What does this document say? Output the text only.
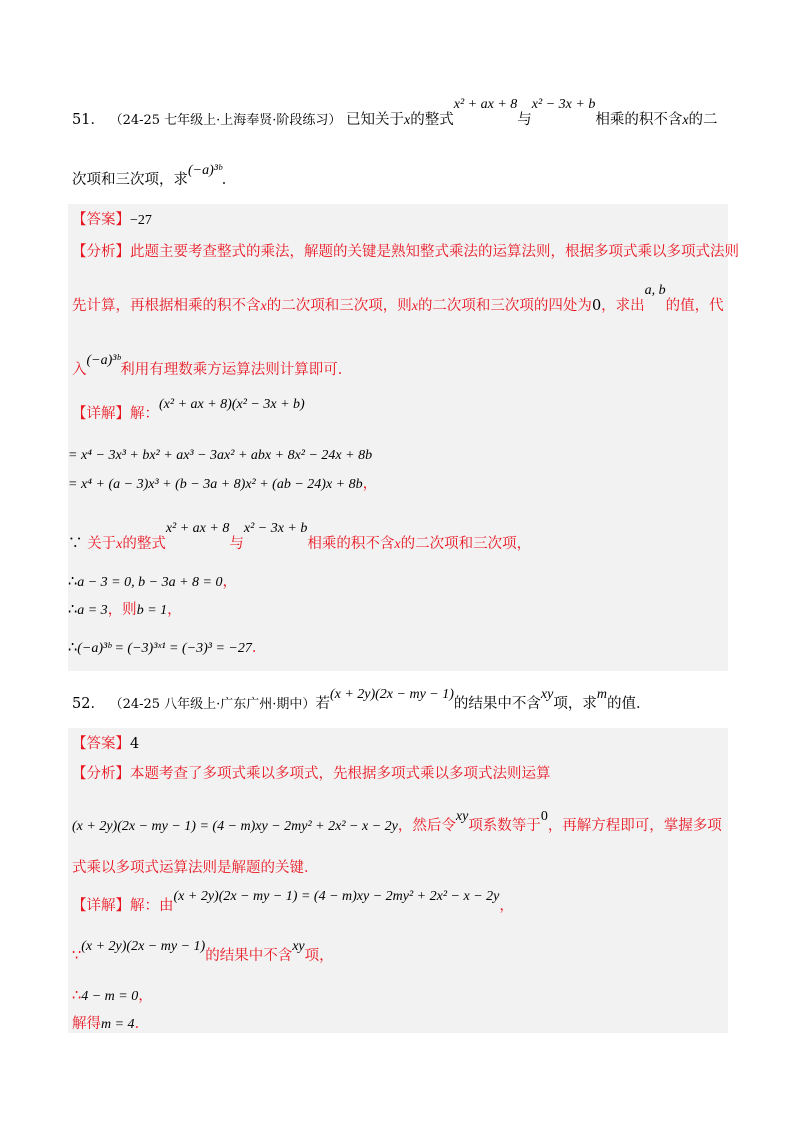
51． （24-25 七年级上·上海奉贤·阶段练习） 已知关于x的整式x² + ax + 8与x² − 3x + b相乘的积不含x的二
次项和三次项，求(−a)³ᵇ．
【答案】−27
【分析】此题主要考查整式的乘法，解题的关键是熟知整式乘法的运算法则，根据多项式乘以多项式法则
先计算，再根据相乘的积不含x的二次项和三次项，则x的二次项和三次项的四处为0，求出a, b的值，代
入(−a)³ᵇ利用有理数乘方运算法则计算即可．
【详解】解：(x² + ax + 8)(x² − 3x + b)
= x⁴ − 3x³ + bx² + ax³ − 3ax² + abx + 8x² − 24x + 8b
= x⁴ + (a − 3)x³ + (b − 3a + 8)x² + (ab − 24)x + 8b，
∵ 关于x的整式x² + ax + 8与x² − 3x + b相乘的积不含x的二次项和三次项，
∴a − 3 = 0, b − 3a + 8 = 0，
∴a = 3，则b = 1，
∴(−a)³ᵇ = (−3)³ˣ¹ = (−3)³ = −27．
52． （24-25 八年级上·广东广州·期中）若(x + 2y)(2x − my − 1)的结果中不含xy项，求m的值．
【答案】4
【分析】本题考查了多项式乘以多项式，先根据多项式乘以多项式法则运算
(x + 2y)(2x − my − 1) = (4 − m)xy − 2my² + 2x² − x − 2y，然后令xy项系数等于0，再解方程即可，掌握多项
式乘以多项式运算法则是解题的关键．
【详解】解：由(x + 2y)(2x − my − 1) = (4 − m)xy − 2my² + 2x² − x − 2y，
∵(x + 2y)(2x − my − 1)的结果中不含xy项，
∴4 − m = 0，
解得m = 4．
